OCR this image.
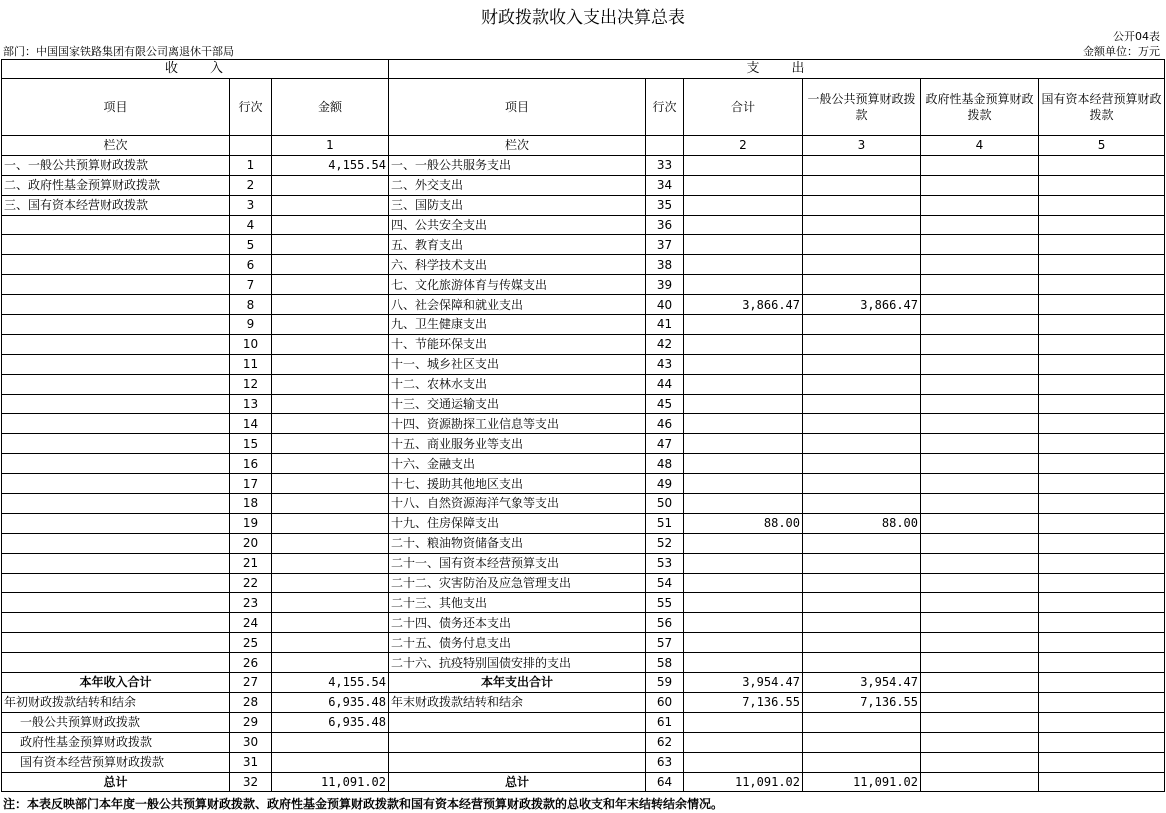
财政拨款收入支出决算总表
公开04表
部门：中国国家铁路集团有限公司离退休干部局	金额单位：万元
收　　入			支　　出					
项目	行次	金额	项目	行次	合计	一般公共预算财政拨款	政府性基金预算财政拨款	国有资本经营预算财政拨款
栏次		1	栏次		2	3	4	5
一、一般公共预算财政拨款	1	4,155.54	一、一般公共服务支出	33				
二、政府性基金预算财政拨款	2		二、外交支出	34				
三、国有资本经营财政拨款	3		三、国防支出	35				
	4		四、公共安全支出	36				
	5		五、教育支出	37				
	6		六、科学技术支出	38				
	7		七、文化旅游体育与传媒支出	39				
	8		八、社会保障和就业支出	40	3,866.47	3,866.47		
	9		九、卫生健康支出	41				
	10		十、节能环保支出	42				
	11		十一、城乡社区支出	43				
	12		十二、农林水支出	44				
	13		十三、交通运输支出	45				
	14		十四、资源勘探工业信息等支出	46				
	15		十五、商业服务业等支出	47				
	16		十六、金融支出	48				
	17		十七、援助其他地区支出	49				
	18		十八、自然资源海洋气象等支出	50				
	19		十九、住房保障支出	51	88.00	88.00		
	20		二十、粮油物资储备支出	52				
	21		二十一、国有资本经营预算支出	53				
	22		二十二、灾害防治及应急管理支出	54				
	23		二十三、其他支出	55				
	24		二十四、债务还本支出	56				
	25		二十五、债务付息支出	57				
	26		二十六、抗疫特别国债安排的支出	58				
本年收入合计	27	4,155.54	本年支出合计	59	3,954.47	3,954.47		
年初财政拨款结转和结余	28	6,935.48	年末财政拨款结转和结余	60	7,136.55	7,136.55		
一般公共预算财政拨款	29	6,935.48		61				
政府性基金预算财政拨款	30			62				
国有资本经营预算财政拨款	31			63				
总计	32	11,091.02	总计	64	11,091.02	11,091.02		
注：本表反映部门本年度一般公共预算财政拨款、政府性基金预算财政拨款和国有资本经营预算财政拨款的总收支和年末结转结余情况。
